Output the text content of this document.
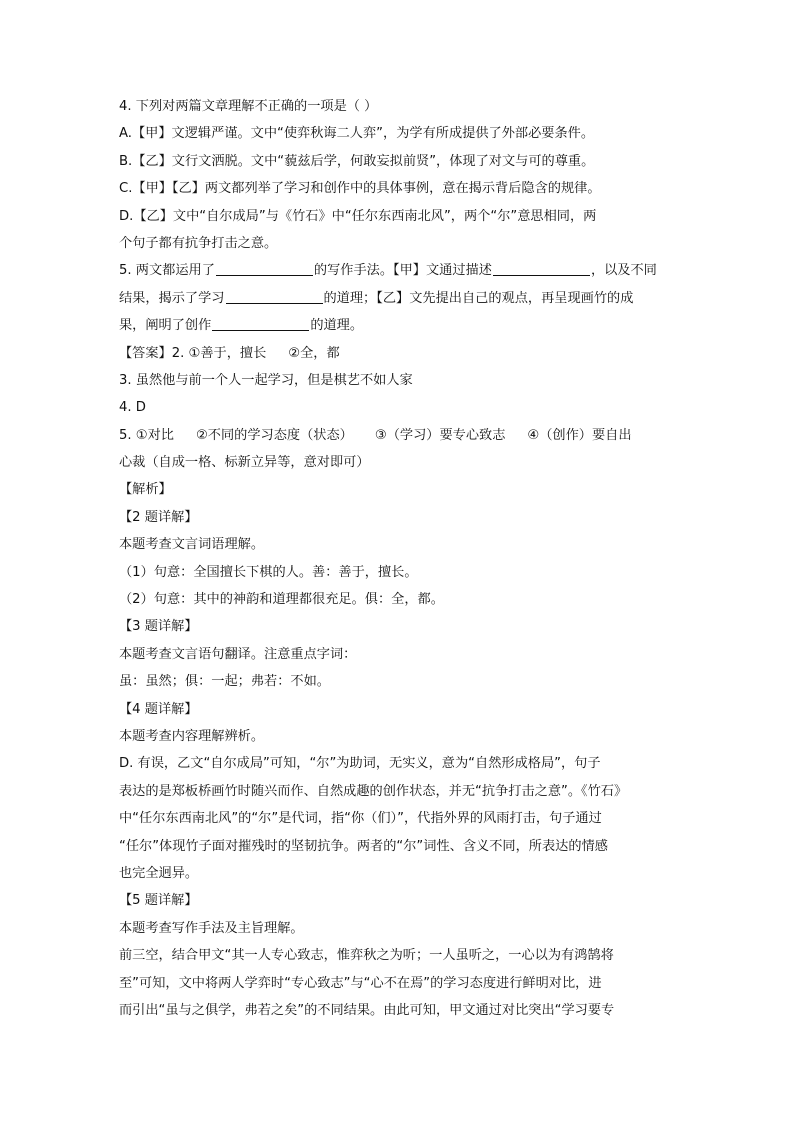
4. 下列对两篇文章理解不正确的一项是（ ）
A.【甲】文逻辑严谨。文中“使弈秋诲二人弈”，为学有所成提供了外部必要条件。
B.【乙】文行文洒脱。文中“藐兹后学，何敢妄拟前贤”，体现了对文与可的尊重。
C.【甲】【乙】两文都列举了学习和创作中的具体事例，意在揭示背后隐含的规律。
D.【乙】文中“自尔成局”与《竹石》中“任尔东西南北风”，两个“尔”意思相同，两
个句子都有抗争打击之意。
5. 两文都运用了	的写作手法。【甲】文通过描述	，以及不同
结果，揭示了学习	的道理；【乙】文先提出自己的观点，再呈现画竹的成
果，阐明了创作	的道理。
【答案】2. ①善于，擅长 ②全，都
3. 虽然他与前一个人一起学习，但是棋艺不如人家
4. D
5. ①对比 ②不同的学习态度（状态） ③（学习）要专心致志 ④（创作）要自出
心裁（自成一格、标新立异等，意对即可）
【解析】
【2 题详解】
本题考查文言词语理解。
（1）句意：全国擅长下棋的人。善：善于，擅长。
（2）句意：其中的神韵和道理都很充足。俱：全，都。
【3 题详解】
本题考查文言语句翻译。注意重点字词：
虽：虽然；俱：一起；弗若：不如。
【4 题详解】
本题考查内容理解辨析。
D. 有误，乙文“自尔成局”可知，“尔”为助词，无实义，意为“自然形成格局”，句子
表达的是郑板桥画竹时随兴而作、自然成趣的创作状态，并无“抗争打击之意”。《竹石》
中“任尔东西南北风”的“尔”是代词，指“你（们）”，代指外界的风雨打击，句子通过
“任尔”体现竹子面对摧残时的坚韧抗争。两者的“尔”词性、含义不同，所表达的情感
也完全迥异。
【5 题详解】
本题考查写作手法及主旨理解。
前三空，结合甲文“其一人专心致志，惟弈秋之为听；一人虽听之，一心以为有鸿鹄将
至”可知，文中将两人学弈时“专心致志”与“心不在焉”的学习态度进行鲜明对比，进
而引出“虽与之俱学，弗若之矣”的不同结果。由此可知，甲文通过对比突出“学习要专
